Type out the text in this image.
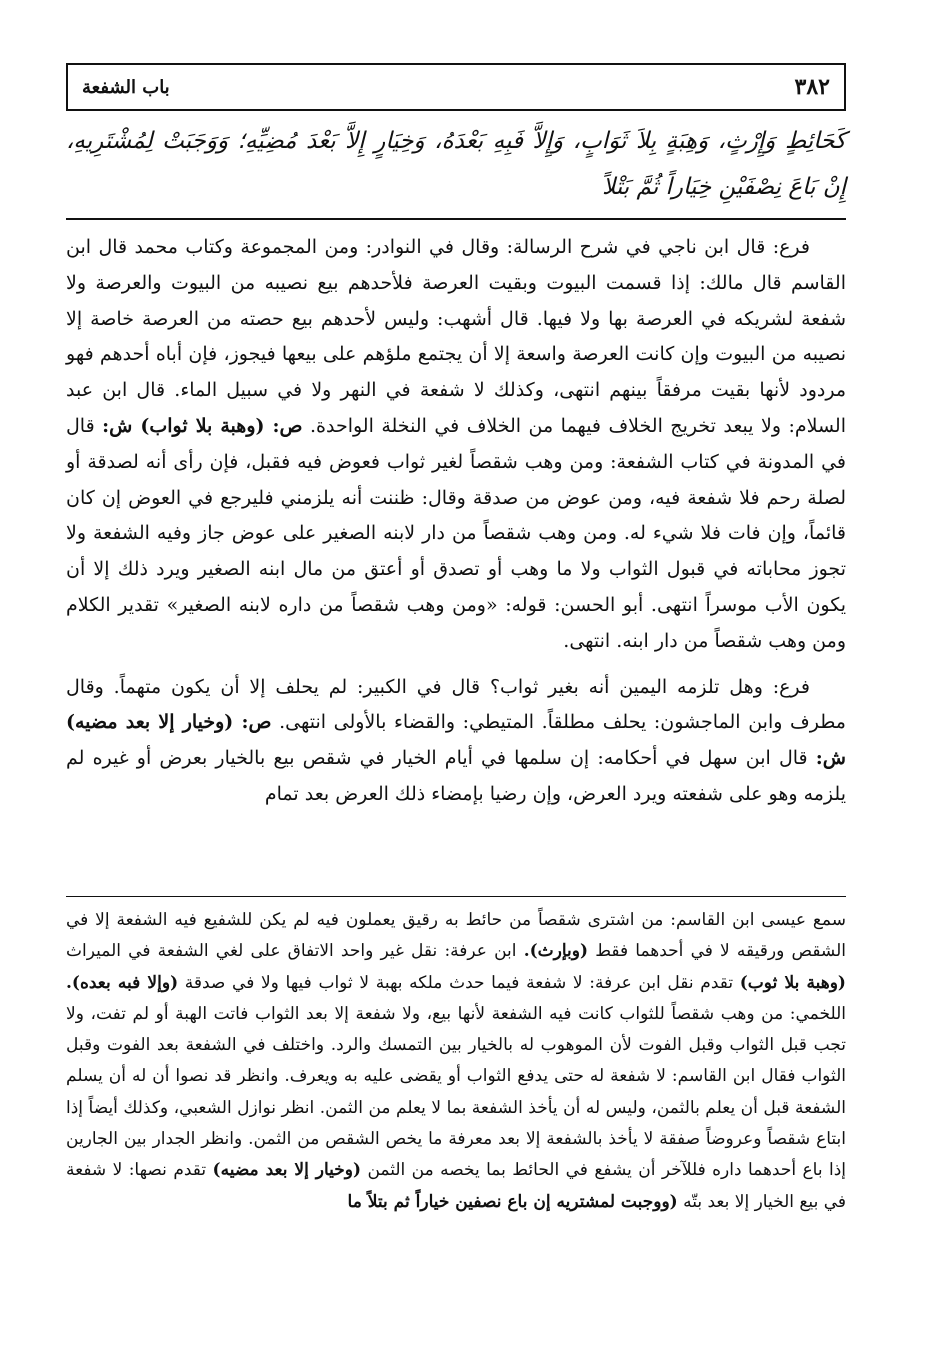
٣٨٢
باب الشفعة
كَحَائِطٍ وَإِرْثٍ، وَهِبَةٍ بِلاَ ثَوَابٍ، وَإِلاَّ فَبِهِ بَعْدَهُ، وَخِيَارٍ إِلاَّ بَعْدَ مُضِيِّهِ؛ وَوَجَبَتْ لِمُشْتَرِيهِ، إِنْ بَاعَ نِصْفَيْنِ خِيَاراً ثُمَّ بَتْلاً

فرع: قال ابن ناجي في شرح الرسالة: وقال في النوادر: ومن المجموعة وكتاب محمد قال ابن القاسم قال مالك: إذا قسمت البيوت وبقيت العرصة فلأحدهم بيع نصيبه من البيوت والعرصة ولا شفعة لشريكه في العرصة بها ولا فيها. قال أشهب: وليس لأحدهم بيع حصته من العرصة خاصة إلا نصيبه من البيوت وإن كانت العرصة واسعة إلا أن يجتمع ملؤهم على بيعها فيجوز، فإن أباه أحدهم فهو مردود لأنها بقيت مرفقاً بينهم انتهى، وكذلك لا شفعة في النهر ولا في سبيل الماء. قال ابن عبد السلام: ولا يبعد تخريج الخلاف فيهما من الخلاف في النخلة الواحدة. ص: (وهبة بلا ثواب) ش: قال في المدونة في كتاب الشفعة: ومن وهب شقصاً لغير ثواب فعوض فيه فقبل، فإن رأى أنه لصدقة أو لصلة رحم فلا شفعة فيه، ومن عوض من صدقة وقال: ظننت أنه يلزمني فليرجع في العوض إن كان قائماً، وإن فات فلا شيء له. ومن وهب شقصاً من دار لابنه الصغير على عوض جاز وفيه الشفعة ولا تجوز محاباته في قبول الثواب ولا ما وهب أو تصدق أو أعتق من مال ابنه الصغير ويرد ذلك إلا أن يكون الأب موسراً انتهى. أبو الحسن: قوله: «ومن وهب شقصاً من داره لابنه الصغير» تقدير الكلام ومن وهب شقصاً من دار ابنه. انتهى.

فرع: وهل تلزمه اليمين أنه بغير ثواب؟ قال في الكبير: لم يحلف إلا أن يكون متهماً. وقال مطرف وابن الماجشون: يحلف مطلقاً. المتيطي: والقضاء بالأولى انتهى. ص: (وخيار إلا بعد مضيه) ش: قال ابن سهل في أحكامه: إن سلمها في أيام الخيار في شقص بيع بالخيار بعرض أو غيره لم يلزمه وهو على شفعته ويرد العرض، وإن رضيا بإمضاء ذلك العرض بعد تمام

سمع عيسى ابن القاسم: من اشترى شقصاً من حائط به رقيق يعملون فيه لم يكن للشفيع فيه الشفعة إلا في الشقص ورقيقه لا في أحدهما فقط (وبإرث). ابن عرفة: نقل غير واحد الاتفاق على لغي الشفعة في الميراث (وهبة بلا ثوب) تقدم نقل ابن عرفة: لا شفعة فيما حدث ملكه بهبة لا ثواب فيها ولا في صدقة (وإلا فبه بعده). اللخمي: من وهب شقصاً للثواب كانت فيه الشفعة لأنها بيع، ولا شفعة إلا بعد الثواب فاتت الهبة أو لم تفت، ولا تجب قبل الثواب وقبل الفوت لأن الموهوب له بالخيار بين التمسك والرد. واختلف في الشفعة بعد الفوت وقبل الثواب فقال ابن القاسم: لا شفعة له حتى يدفع الثواب أو يقضى عليه به ويعرف. وانظر قد نصوا أن له أن يسلم الشفعة قبل أن يعلم بالثمن، وليس له أن يأخذ الشفعة بما لا يعلم من الثمن. انظر نوازل الشعبي، وكذلك أيضاً إذا ابتاع شقصاً وعروضاً صفقة لا يأخذ بالشفعة إلا بعد معرفة ما يخص الشقص من الثمن. وانظر الجدار بين الجارين إذا باع أحدهما داره فللآخر أن يشفع في الحائط بما يخصه من الثمن (وخيار إلا بعد مضيه) تقدم نصها: لا شفعة في بيع الخيار إلا بعد بتّه (ووجبت لمشتريه إن باع نصفين خياراً ثم بتلاً ما
